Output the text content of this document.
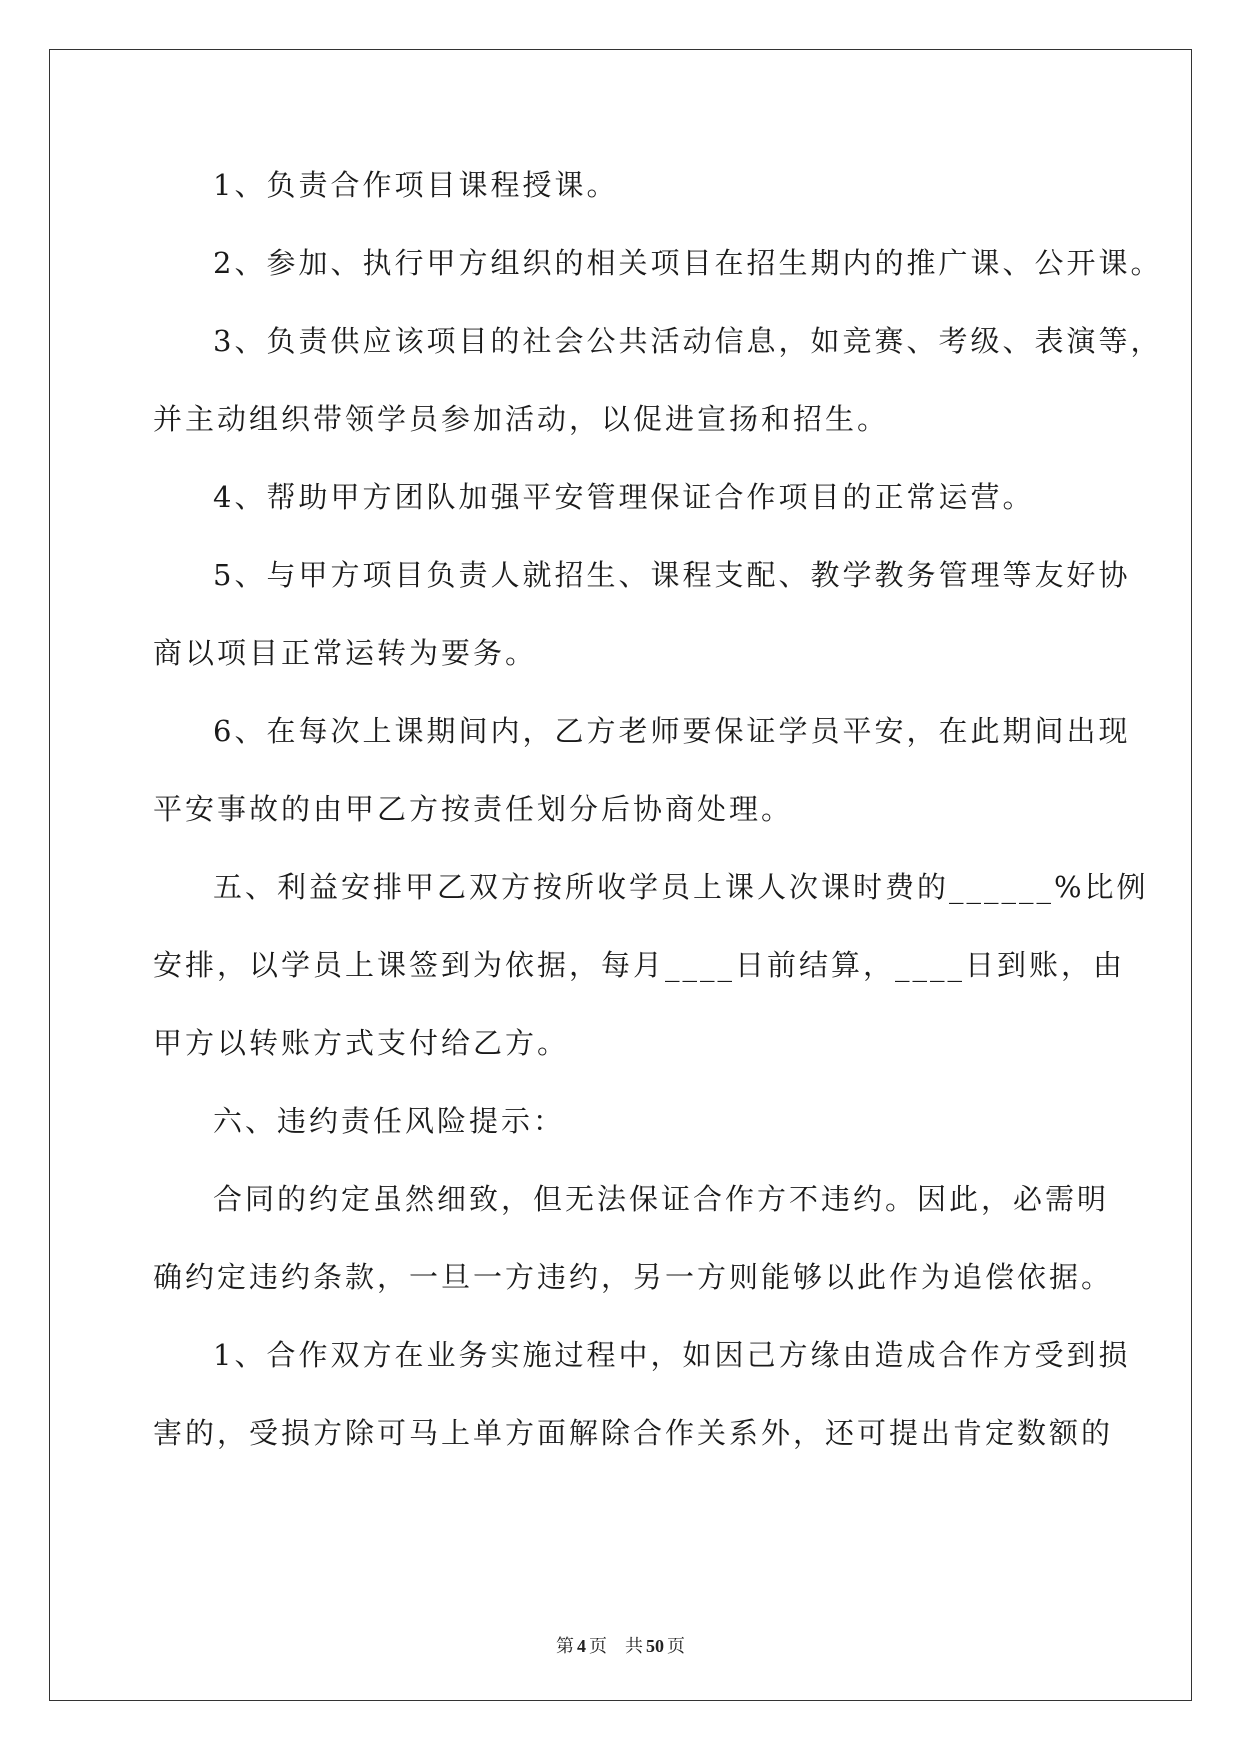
1、负责合作项目课程授课。
2、参加、执行甲方组织的相关项目在招生期内的推广课、公开课。
3、负责供应该项目的社会公共活动信息，如竞赛、考级、表演等，
并主动组织带领学员参加活动，以促进宣扬和招生。
4、帮助甲方团队加强平安管理保证合作项目的正常运营。
5、与甲方项目负责人就招生、课程支配、教学教务管理等友好协
商以项目正常运转为要务。
6、在每次上课期间内，乙方老师要保证学员平安，在此期间出现
平安事故的由甲乙方按责任划分后协商处理。
五、利益安排甲乙双方按所收学员上课人次课时费的______%比例
安排，以学员上课签到为依据，每月____日前结算，____日到账，由
甲方以转账方式支付给乙方。
六、违约责任风险提示：
合同的约定虽然细致，但无法保证合作方不违约。因此，必需明
确约定违约条款，一旦一方违约，另一方则能够以此作为追偿依据。
1、合作双方在业务实施过程中，如因己方缘由造成合作方受到损
害的，受损方除可马上单方面解除合作关系外，还可提出肯定数额的
第 4 页 共 50 页
